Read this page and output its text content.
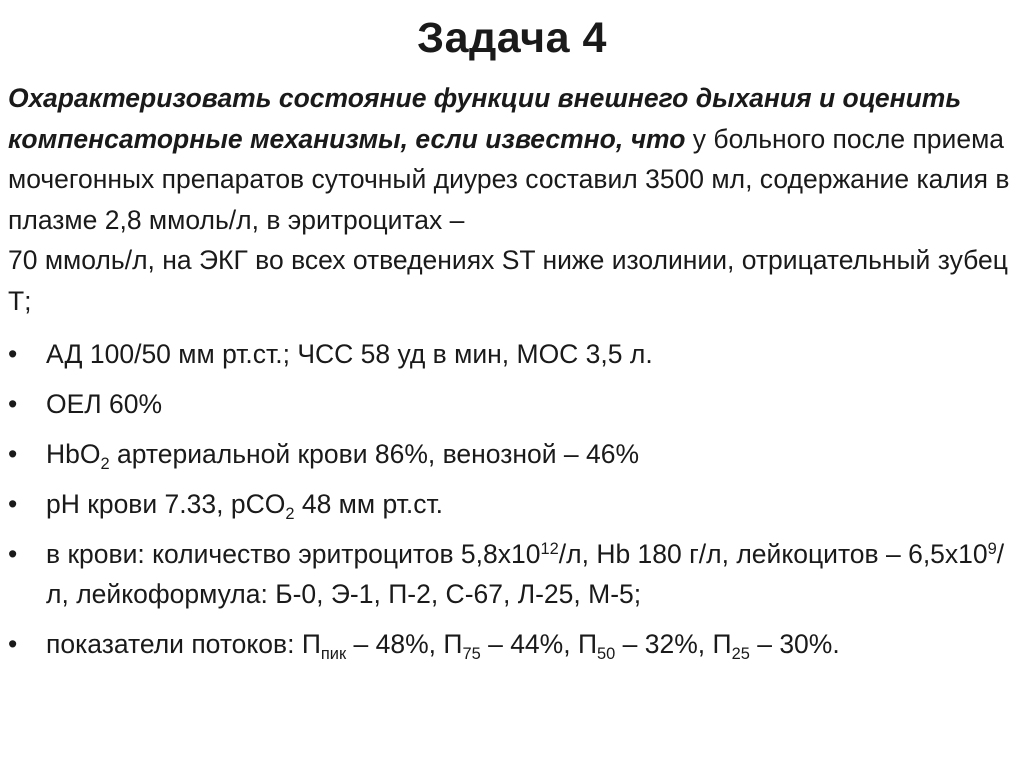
Задача 4
Охарактеризовать состояние функции внешнего дыхания и оценить компенсаторные механизмы, если известно, что у больного после приема мочегонных препаратов суточный диурез составил 3500 мл, содержание калия в плазме 2,8 ммоль/л, в эритроцитах –
70 ммоль/л, на ЭКГ во всех отведениях ST ниже изолинии, отрицательный зубец Т;
•	АД 100/50 мм рт.ст.; ЧСС 58 уд в мин, МОС 3,5 л.
•	ОЕЛ 60%
•	HbO$_2$ артериальной крови 86%, венозной – 46%
•	pH крови 7.33, pCO$_2$ 48 мм рт.ст.
•	в крови: количество эритроцитов $5,8х10^{12}/л$, Hb 180 г/л, лейкоцитов – $6,5х10^9/л$, лейкоформула: Б-0, Э-1, П-2, С-67, Л-25, М-5;
•	показатели потоков: $П_{пик} - 48\%$, $П_{75} - 44\%$, $П_{50} - 32\%$, $П_{25} - 30\%$.
